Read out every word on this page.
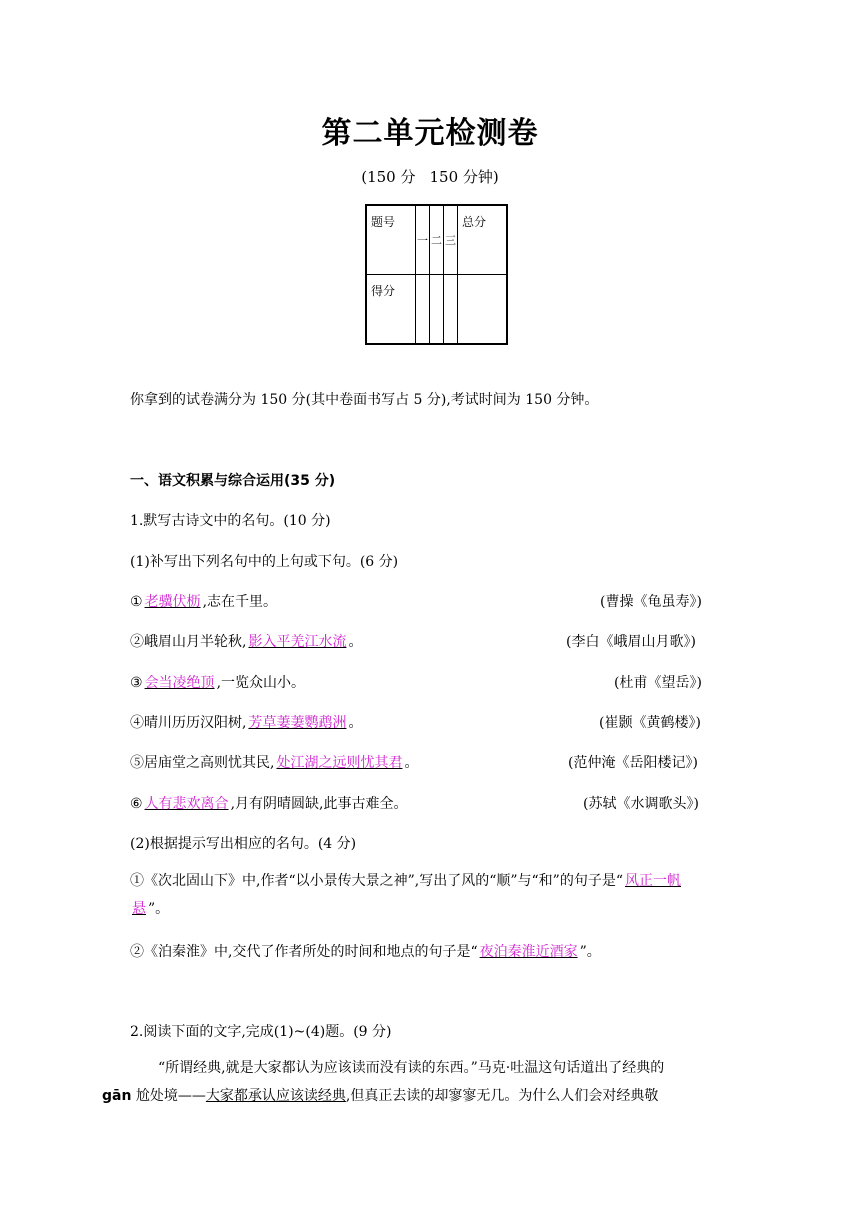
第二单元检测卷
(150 分 150 分钟)
题号	一	二	三	总分
得分				
你拿到的试卷满分为 150 分(其中卷面书写占 5 分),考试时间为 150 分钟。
一、语文积累与综合运用(35 分)
1.默写古诗文中的名句。(10 分)
(1)补写出下列名句中的上句或下句。(6 分)
① 老骥伏枥 ,志在千里。	(曹操《龟虽寿》)
②峨眉山月半轮秋, 影入平羌江水流 。	(李白《峨眉山月歌》)
③ 会当凌绝顶 ,一览众山小。	(杜甫《望岳》)
④晴川历历汉阳树, 芳草萋萋鹦鹉洲 。	(崔颢《黄鹤楼》)
⑤居庙堂之高则忧其民, 处江湖之远则忧其君 。	(范仲淹《岳阳楼记》)
⑥ 人有悲欢离合 ,月有阴晴圆缺,此事古难全。	(苏轼《水调歌头》)
(2)根据提示写出相应的名句。(4 分)
①《次北固山下》中,作者“以小景传大景之神”,写出了风的“顺”与“和”的句子是“ 风正一帆
悬 ”。
②《泊秦淮》中,交代了作者所处的时间和地点的句子是“ 夜泊秦淮近酒家 ”。
2.阅读下面的文字,完成(1)~(4)题。(9 分)
“所谓经典,就是大家都认为应该读而没有读的东西。”马克·吐温这句话道出了经典的
gān 尬处境——大家都承认应该读经典,但真正去读的却寥寥无几。为什么人们会对经典敬
